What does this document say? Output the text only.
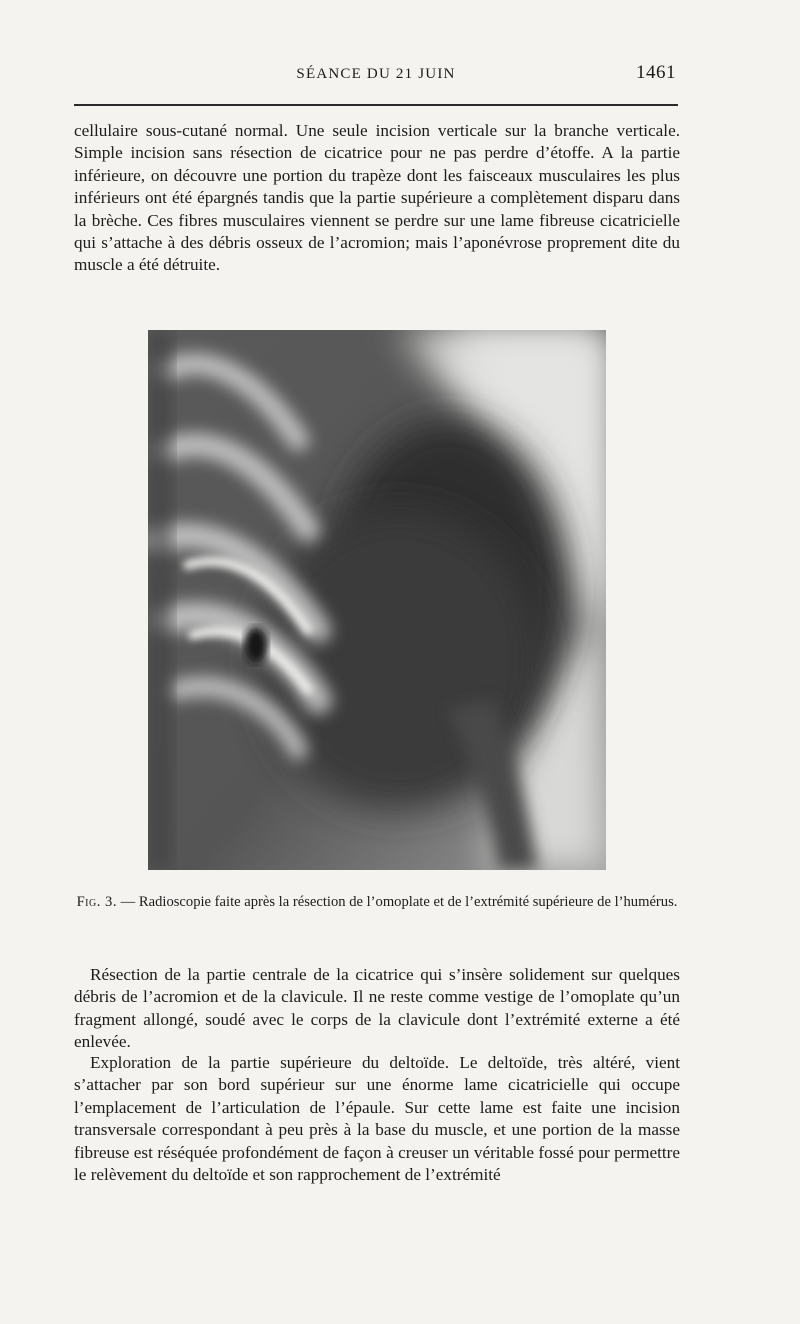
SÉANCE DU 21 JUIN	1461

cellulaire sous-cutané normal. Une seule incision verticale sur la branche verticale. Simple incision sans résection de cicatrice pour ne pas perdre d’étoffe. A la partie inférieure, on découvre une portion du trapèze dont les faisceaux musculaires les plus inférieurs ont été épargnés tandis que la partie supérieure a complètement disparu dans la brèche. Ces fibres musculaires viennent se perdre sur une lame fibreuse cicatricielle qui s’attache à des débris osseux de l’acromion; mais l’aponévrose proprement dite du muscle a été détruite.

Fig. 3. — Radioscopie faite après la résection de l’omoplate et de l’extrémité supérieure de l’humérus.

Résection de la partie centrale de la cicatrice qui s’insère solidement sur quelques débris de l’acromion et de la clavicule. Il ne reste comme vestige de l’omoplate qu’un fragment allongé, soudé avec le corps de la clavicule dont l’extrémité externe a été enlevée.

Exploration de la partie supérieure du deltoïde. Le deltoïde, très altéré, vient s’attacher par son bord supérieur sur une énorme lame cicatricielle qui occupe l’emplacement de l’articulation de l’épaule. Sur cette lame est faite une incision transversale correspondant à peu près à la base du muscle, et une portion de la masse fibreuse est réséquée profondément de façon à creuser un véritable fossé pour permettre le relèvement du deltoïde et son rapprochement de l’extrémité
